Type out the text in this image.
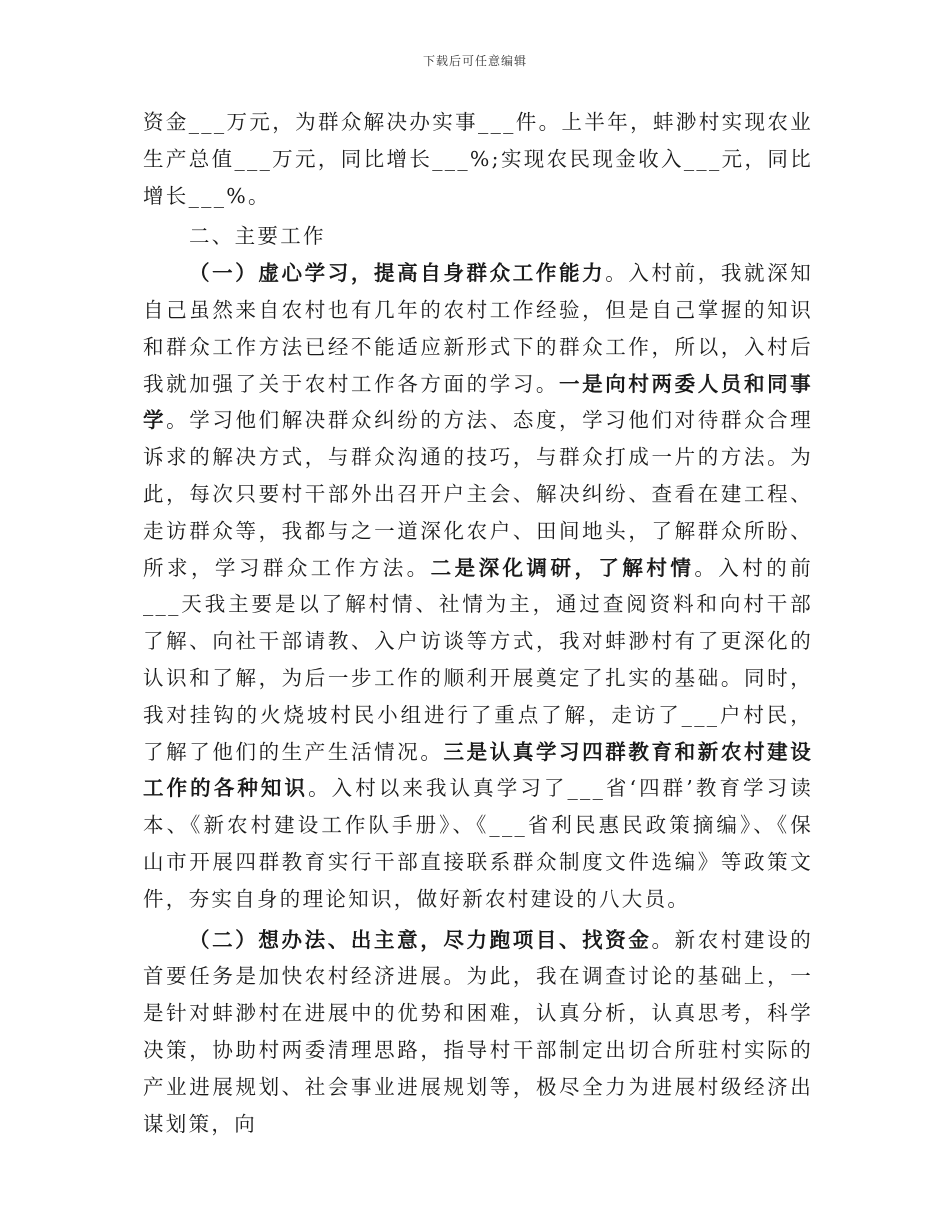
下载后可任意编辑

资金___万元，为群众解决办实事___件。上半年，蚌渺村实现农业生产总值___万元，同比增长___%;实现农民现金收入___元，同比增长___%。

二、主要工作

（一）虚心学习，提高自身群众工作能力。入村前，我就深知自己虽然来自农村也有几年的农村工作经验，但是自己掌握的知识和群众工作方法已经不能适应新形式下的群众工作，所以，入村后我就加强了关于农村工作各方面的学习。一是向村两委人员和同事学。学习他们解决群众纠纷的方法、态度，学习他们对待群众合理诉求的解决方式，与群众沟通的技巧，与群众打成一片的方法。为此，每次只要村干部外出召开户主会、解决纠纷、查看在建工程、走访群众等，我都与之一道深化农户、田间地头，了解群众所盼、所求，学习群众工作方法。二是深化调研，了解村情。入村的前___天我主要是以了解村情、社情为主，通过查阅资料和向村干部了解、向社干部请教、入户访谈等方式，我对蚌渺村有了更深化的认识和了解，为后一步工作的顺利开展奠定了扎实的基础。同时，我对挂钩的火烧坡村民小组进行了重点了解，走访了___户村民，了解了他们的生产生活情况。三是认真学习四群教育和新农村建设工作的各种知识。入村以来我认真学习了___省‘四群’教育学习读本、《新农村建设工作队手册》、《___省利民惠民政策摘编》、《保山市开展四群教育实行干部直接联系群众制度文件选编》等政策文件，夯实自身的理论知识，做好新农村建设的八大员。

（二）想办法、出主意，尽力跑项目、找资金。新农村建设的首要任务是加快农村经济进展。为此，我在调查讨论的基础上，一是针对蚌渺村在进展中的优势和困难，认真分析，认真思考，科学决策，协助村两委清理思路，指导村干部制定出切合所驻村实际的产业进展规划、社会事业进展规划等，极尽全力为进展村级经济出谋划策，向
